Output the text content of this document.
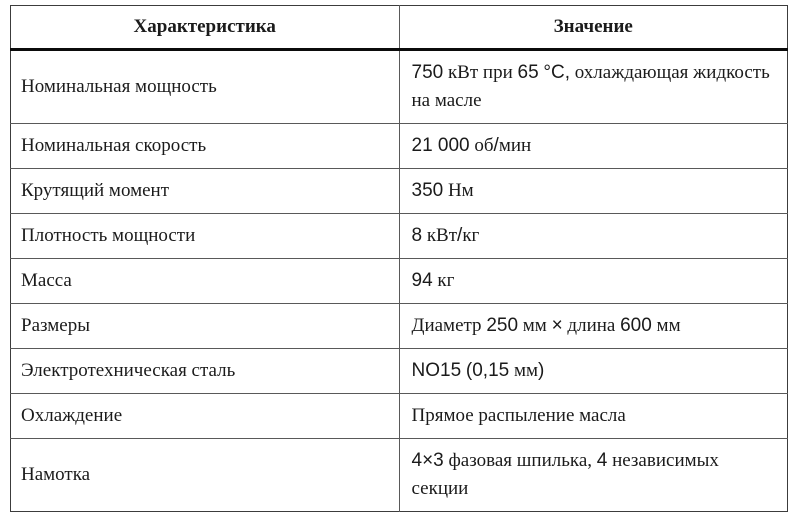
Характеристика	Значение
Номинальная мощность	750 кВт при 65 °C, охлаждающая жидкость на масле
Номинальная скорость	21 000 об/мин
Крутящий момент	350 Нм
Плотность мощности	8 кВт/кг
Масса	94 кг
Размеры	Диаметр 250 мм × длина 600 мм
Электротехническая сталь	NO15 (0,15 мм)
Охлаждение	Прямое распыление масла
Намотка	4×3 фазовая шпилька, 4 независимых секции
